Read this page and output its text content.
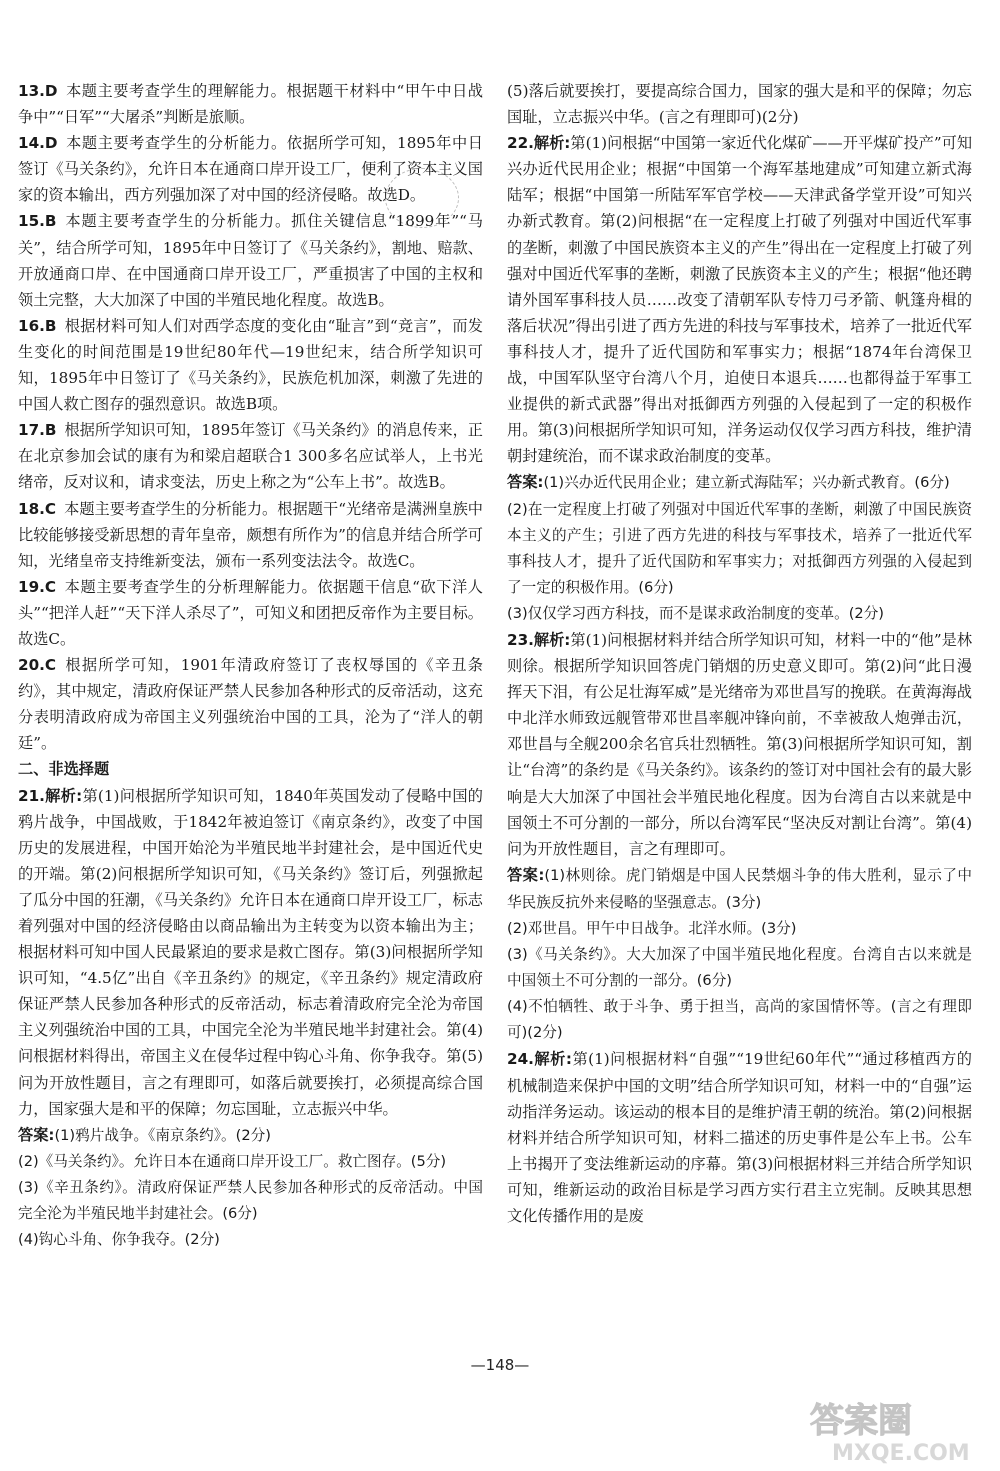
13.D 本题主要考查学生的理解能力。根据题干材料中“甲午中日战争中”“日军”“大屠杀”判断是旅顺。

14.D 本题主要考查学生的分析能力。依据所学可知，1895年中日签订《马关条约》，允许日本在通商口岸开设工厂，便利了资本主义国家的资本输出，西方列强加深了对中国的经济侵略。故选D。

15.B 本题主要考查学生的分析能力。抓住关键信息“1899年”“马关”，结合所学可知，1895年中日签订了《马关条约》，割地、赔款、开放通商口岸、在中国通商口岸开设工厂，严重损害了中国的主权和领土完整，大大加深了中国的半殖民地化程度。故选B。

16.B 根据材料可知人们对西学态度的变化由“耻言”到“竞言”，而发生变化的时间范围是19世纪80年代—19世纪末，结合所学知识可知，1895年中日签订了《马关条约》，民族危机加深，刺激了先进的中国人救亡图存的强烈意识。故选B项。

17.B 根据所学知识可知，1895年签订《马关条约》的消息传来，正在北京参加会试的康有为和梁启超联合1 300多名应试举人，上书光绪帝，反对议和，请求变法，历史上称之为“公车上书”。故选B。

18.C 本题主要考查学生的分析能力。根据题干“光绪帝是满洲皇族中比较能够接受新思想的青年皇帝，颇想有所作为”的信息并结合所学可知，光绪皇帝支持维新变法，颁布一系列变法法令。故选C。

19.C 本题主要考查学生的分析理解能力。依据题干信息“砍下洋人头”“把洋人赶”“天下洋人杀尽了”，可知义和团把反帝作为主要目标。故选C。

20.C 根据所学可知，1901年清政府签订了丧权辱国的《辛丑条约》，其中规定，清政府保证严禁人民参加各种形式的反帝活动，这充分表明清政府成为帝国主义列强统治中国的工具，沦为了“洋人的朝廷”。

二、非选择题

21.解析:第(1)问根据所学知识可知，1840年英国发动了侵略中国的鸦片战争，中国战败，于1842年被迫签订《南京条约》，改变了中国历史的发展进程，中国开始沦为半殖民地半封建社会，是中国近代史的开端。第(2)问根据所学知识可知，《马关条约》签订后，列强掀起了瓜分中国的狂潮，《马关条约》允许日本在通商口岸开设工厂，标志着列强对中国的经济侵略由以商品输出为主转变为以资本输出为主；根据材料可知中国人民最紧迫的要求是救亡图存。第(3)问根据所学知识可知，“4.5亿”出自《辛丑条约》的规定，《辛丑条约》规定清政府保证严禁人民参加各种形式的反帝活动，标志着清政府完全沦为帝国主义列强统治中国的工具，中国完全沦为半殖民地半封建社会。第(4)问根据材料得出，帝国主义在侵华过程中钩心斗角、你争我夺。第(5)问为开放性题目，言之有理即可，如落后就要挨打，必须提高综合国力，国家强大是和平的保障；勿忘国耻，立志振兴中华。

答案:(1)鸦片战争。《南京条约》。(2分)

(2)《马关条约》。允许日本在通商口岸开设工厂。救亡图存。(5分)

(3)《辛丑条约》。清政府保证严禁人民参加各种形式的反帝活动。中国完全沦为半殖民地半封建社会。(6分)

(4)钩心斗角、你争我夺。(2分)

(5)落后就要挨打，要提高综合国力，国家的强大是和平的保障；勿忘国耻，立志振兴中华。(言之有理即可)(2分)

22.解析:第(1)问根据“中国第一家近代化煤矿——开平煤矿投产”可知兴办近代民用企业；根据“中国第一个海军基地建成”可知建立新式海陆军；根据“中国第一所陆军军官学校——天津武备学堂开设”可知兴办新式教育。第(2)问根据“在一定程度上打破了列强对中国近代军事的垄断，刺激了中国民族资本主义的产生”得出在一定程度上打破了列强对中国近代军事的垄断，刺激了民族资本主义的产生；根据“他还聘请外国军事科技人员……改变了清朝军队专恃刀弓矛箭、帆篷舟楫的落后状况”得出引进了西方先进的科技与军事技术，培养了一批近代军事科技人才，提升了近代国防和军事实力；根据“1874年台湾保卫战，中国军队坚守台湾八个月，迫使日本退兵……也都得益于军事工业提供的新式武器”得出对抵御西方列强的入侵起到了一定的积极作用。第(3)问根据所学知识可知，洋务运动仅仅学习西方科技，维护清朝封建统治，而不谋求政治制度的变革。

答案:(1)兴办近代民用企业；建立新式海陆军；兴办新式教育。(6分)

(2)在一定程度上打破了列强对中国近代军事的垄断，刺激了中国民族资本主义的产生；引进了西方先进的科技与军事技术，培养了一批近代军事科技人才，提升了近代国防和军事实力；对抵御西方列强的入侵起到了一定的积极作用。(6分)

(3)仅仅学习西方科技，而不是谋求政治制度的变革。(2分)

23.解析:第(1)问根据材料并结合所学知识可知，材料一中的“他”是林则徐。根据所学知识回答虎门销烟的历史意义即可。第(2)问“此日漫挥天下泪，有公足壮海军威”是光绪帝为邓世昌写的挽联。在黄海海战中北洋水师致远舰管带邓世昌率舰冲锋向前，不幸被敌人炮弹击沉，邓世昌与全舰200余名官兵壮烈牺牲。第(3)问根据所学知识可知，割让“台湾”的条约是《马关条约》。该条约的签订对中国社会有的最大影响是大大加深了中国社会半殖民地化程度。因为台湾自古以来就是中国领土不可分割的一部分，所以台湾军民“坚决反对割让台湾”。第(4)问为开放性题目，言之有理即可。

答案:(1)林则徐。虎门销烟是中国人民禁烟斗争的伟大胜利，显示了中华民族反抗外来侵略的坚强意志。(3分)

(2)邓世昌。甲午中日战争。北洋水师。(3分)

(3)《马关条约》。大大加深了中国半殖民地化程度。台湾自古以来就是中国领土不可分割的一部分。(6分)

(4)不怕牺牲、敢于斗争、勇于担当，高尚的家国情怀等。(言之有理即可)(2分)

24.解析:第(1)问根据材料“自强”“19世纪60年代”“通过移植西方的机械制造来保护中国的文明”结合所学知识可知，材料一中的“自强”运动指洋务运动。该运动的根本目的是维护清王朝的统治。第(2)问根据材料并结合所学知识可知，材料二描述的历史事件是公车上书。公车上书揭开了变法维新运动的序幕。第(3)问根据材料三并结合所学知识可知，维新运动的政治目标是学习西方实行君主立宪制。反映其思想文化传播作用的是废

—148—
答案圈
MXQE.COM
